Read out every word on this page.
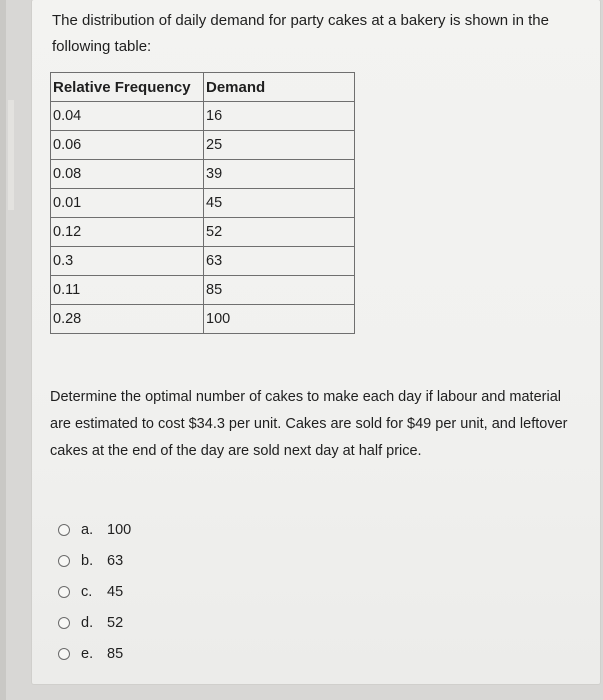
The distribution of daily demand for party cakes at a bakery is shown in the following table:

Relative Frequency	Demand
0.04	16
0.06	25
0.08	39
0.01	45
0.12	52
0.3	63
0.11	85
0.28	100

Determine the optimal number of cakes to make each day if labour and material are estimated to cost $34.3 per unit. Cakes are sold for $49 per unit, and leftover cakes at the end of the day are sold next day at half price.

a. 100
b. 63
c.	45
d. 52
e. 85
